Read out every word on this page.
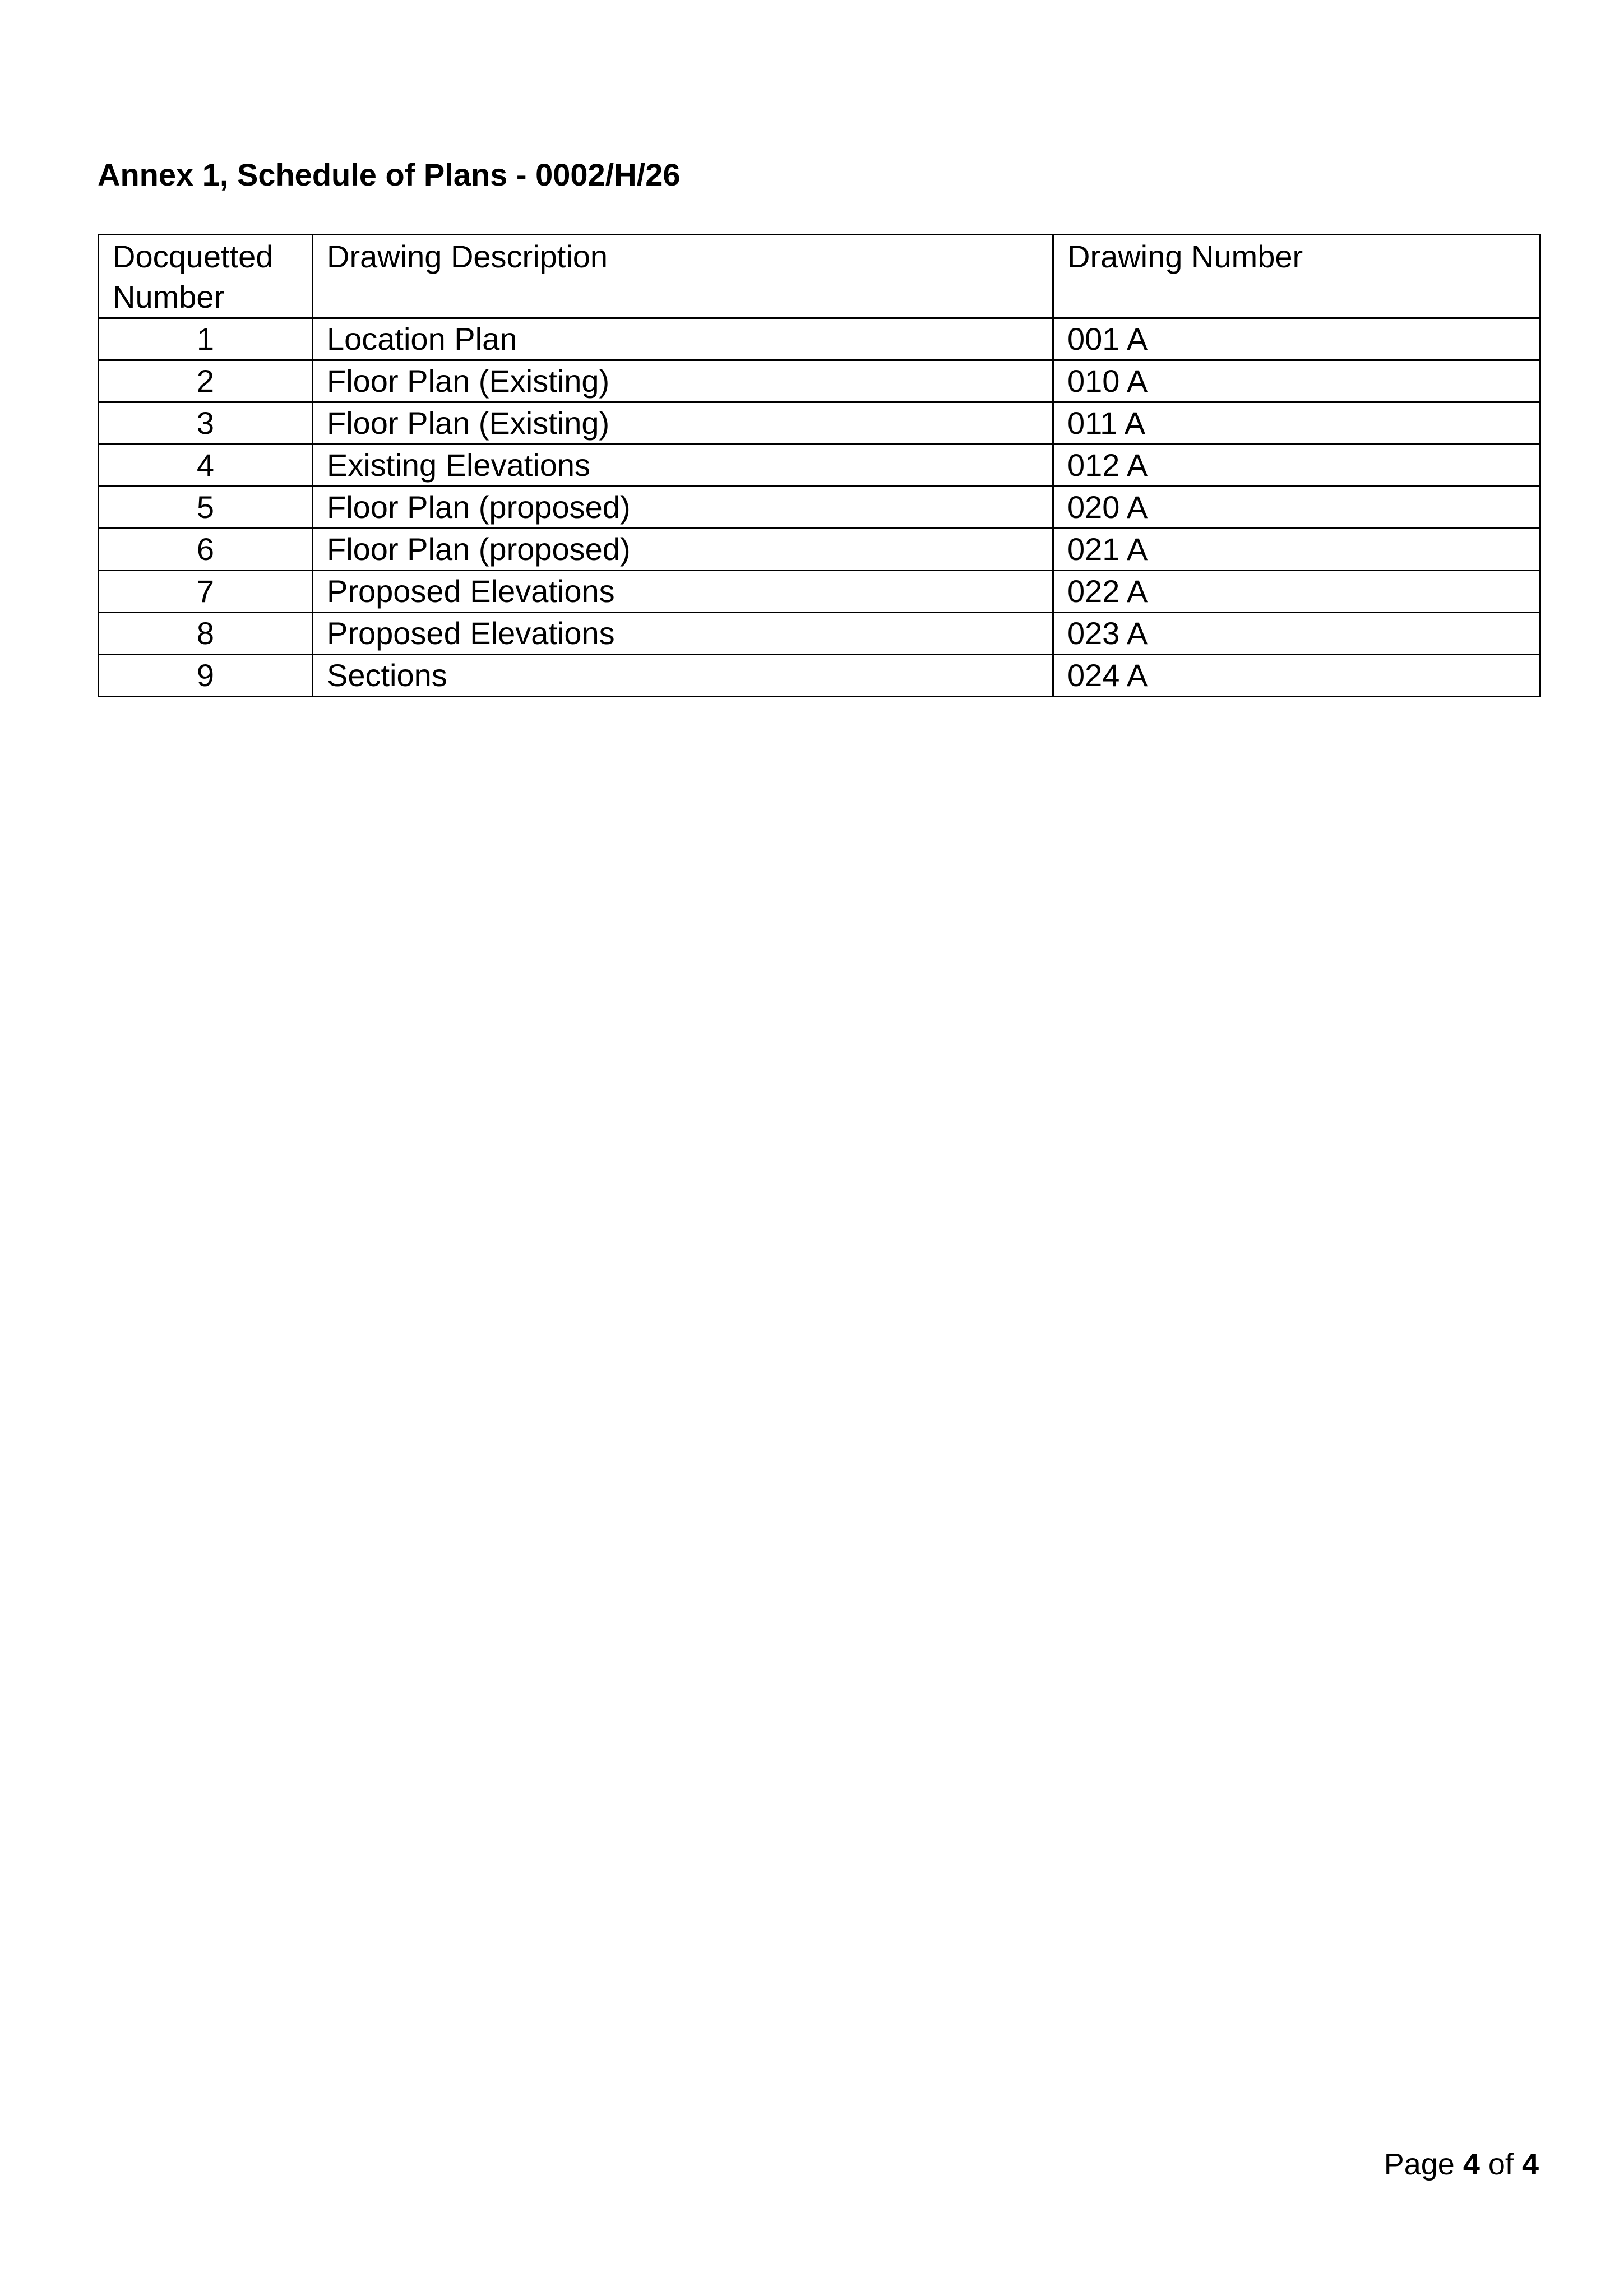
Annex 1, Schedule of Plans - 0002/H/26
Docquetted Number	Drawing Description	Drawing Number
1	Location Plan	001 A
2	Floor Plan (Existing)	010 A
3	Floor Plan (Existing)	011 A
4	Existing Elevations	012 A
5	Floor Plan (proposed)	020 A
6	Floor Plan (proposed)	021 A
7	Proposed Elevations	022 A
8	Proposed Elevations	023 A
9	Sections	024 A
Page 4 of 4
